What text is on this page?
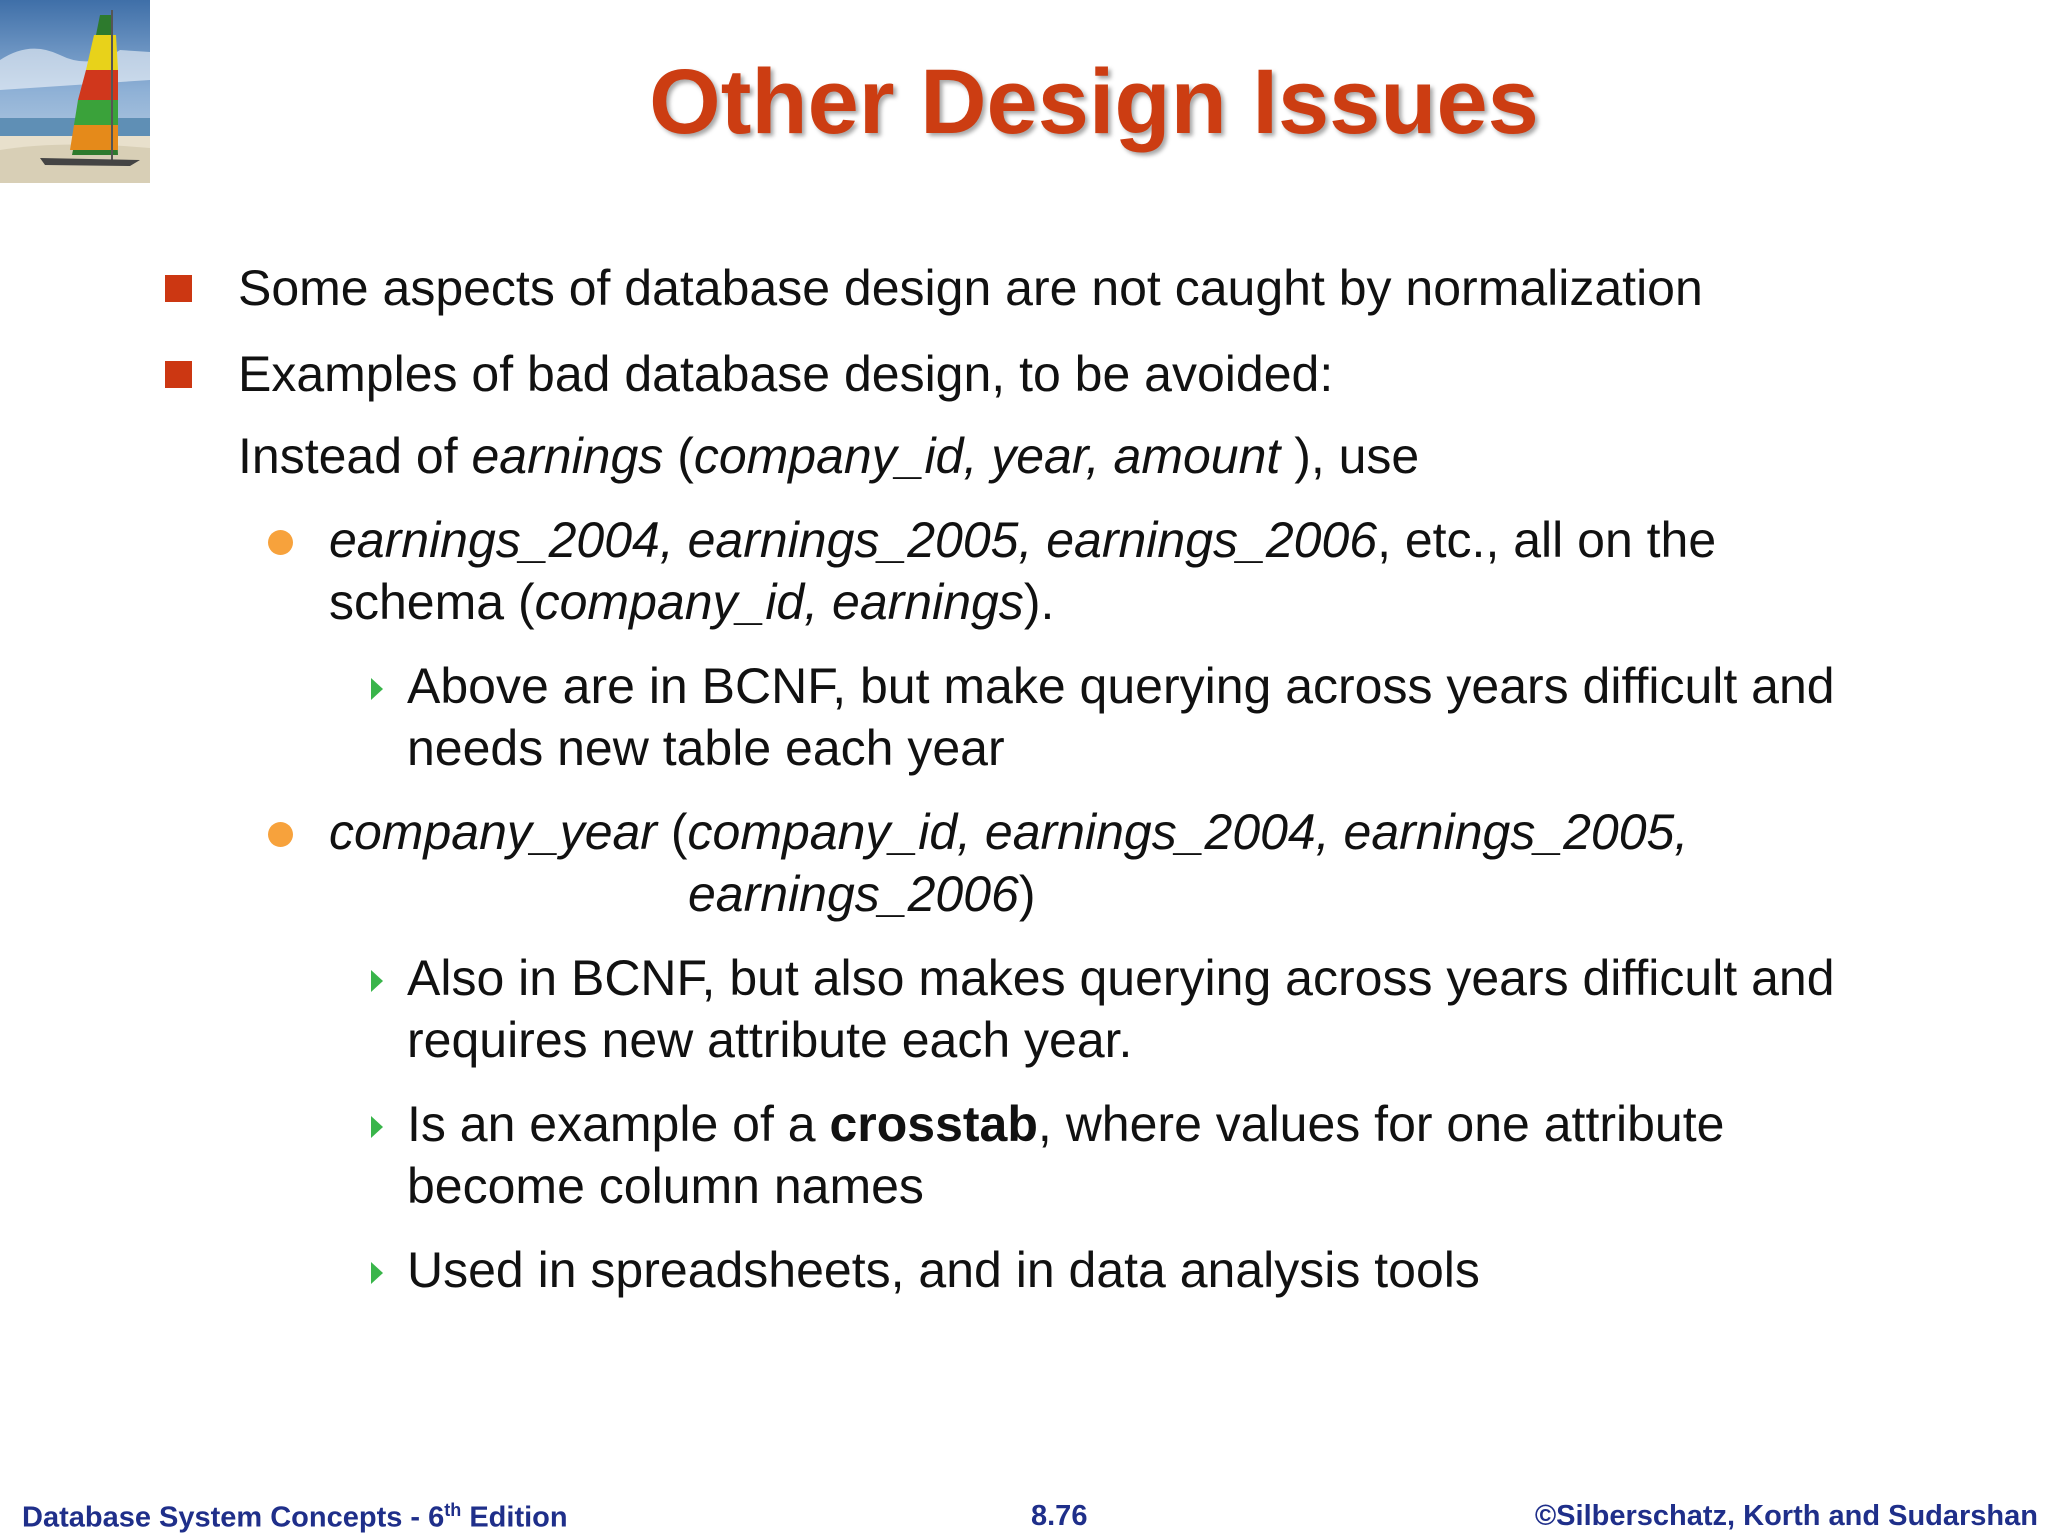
Other Design Issues
Some aspects of database design are not caught by normalization
Examples of bad database design, to be avoided:
Instead of earnings (company_id, year, amount ), use
earnings_2004, earnings_2005, earnings_2006, etc., all on the
schema (company_id, earnings).
Above are in BCNF, but make querying across years difficult and
needs new table each year
company_year (company_id, earnings_2004, earnings_2005,
earnings_2006)
Also in BCNF, but also makes querying across years difficult and
requires new attribute each year.
Is an example of a crosstab, where values for one attribute
become column names
Used in spreadsheets, and in data analysis tools
Database System Concepts - 6th Edition	8.76	©Silberschatz, Korth and Sudarshan
